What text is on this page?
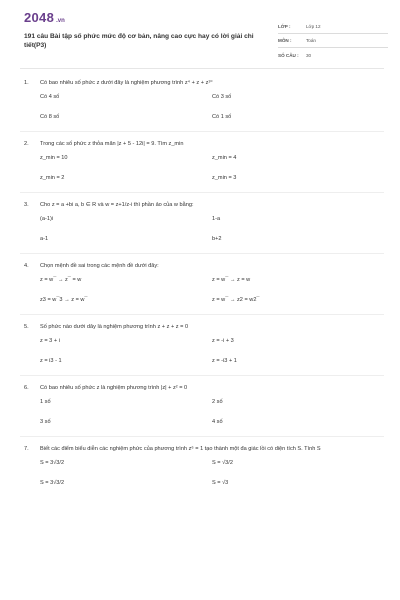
2048 .vn
191 câu Bài tập số phức mức độ cơ bản, nâng cao cực hay có lời giải chi tiết(P3)
LỚP :	Lớp 12
MÔN :	Toán
SỐ CÂU :	30
1.	Có bao nhiêu số phức z dưới đây là nghiệm phương trình z⁴ + z + z¹⁰
Có 4 số	Có 3 số
Có 8 số	Có 1 số
2.	Trong các số phức z thỏa mãn |z + 5 - 12i| = 9. Tìm z_min
z_min = 10	z_min = 4
z_min = 2	z_min = 3
3.	Cho z = a +bi a, b ∈ R và w = z+1/z-i thì phần ảo của w bằng:
(a-1)i	1-a
a-1	b+2
4.	Chọn mệnh đề sai trong các mệnh đề dưới đây:
z = w¯ → z¯ = w	z = w¯ → z = w
z3 = w¯3 → z = w¯	z = w¯ → z2 = w2¯
5.	Số phức nào dưới dây là nghiệm phương trình z + z + z = 0
z = 3 + i	z = -i + 3
z = i3 - 1	z = -i3 + 1
6.	Có bao nhiêu số phức z là nghiệm phương trình |z| + z² = 0
1 số	2 số
3 số	4 số
7.	Biết các điểm biểu diễn các nghiệm phức của phương trình z⁶ = 1 tạo thành một đa giác lồi có diện tích S. Tính S
S = 3√3/2	S = √3/2
S = 3√3/2	S = √3
